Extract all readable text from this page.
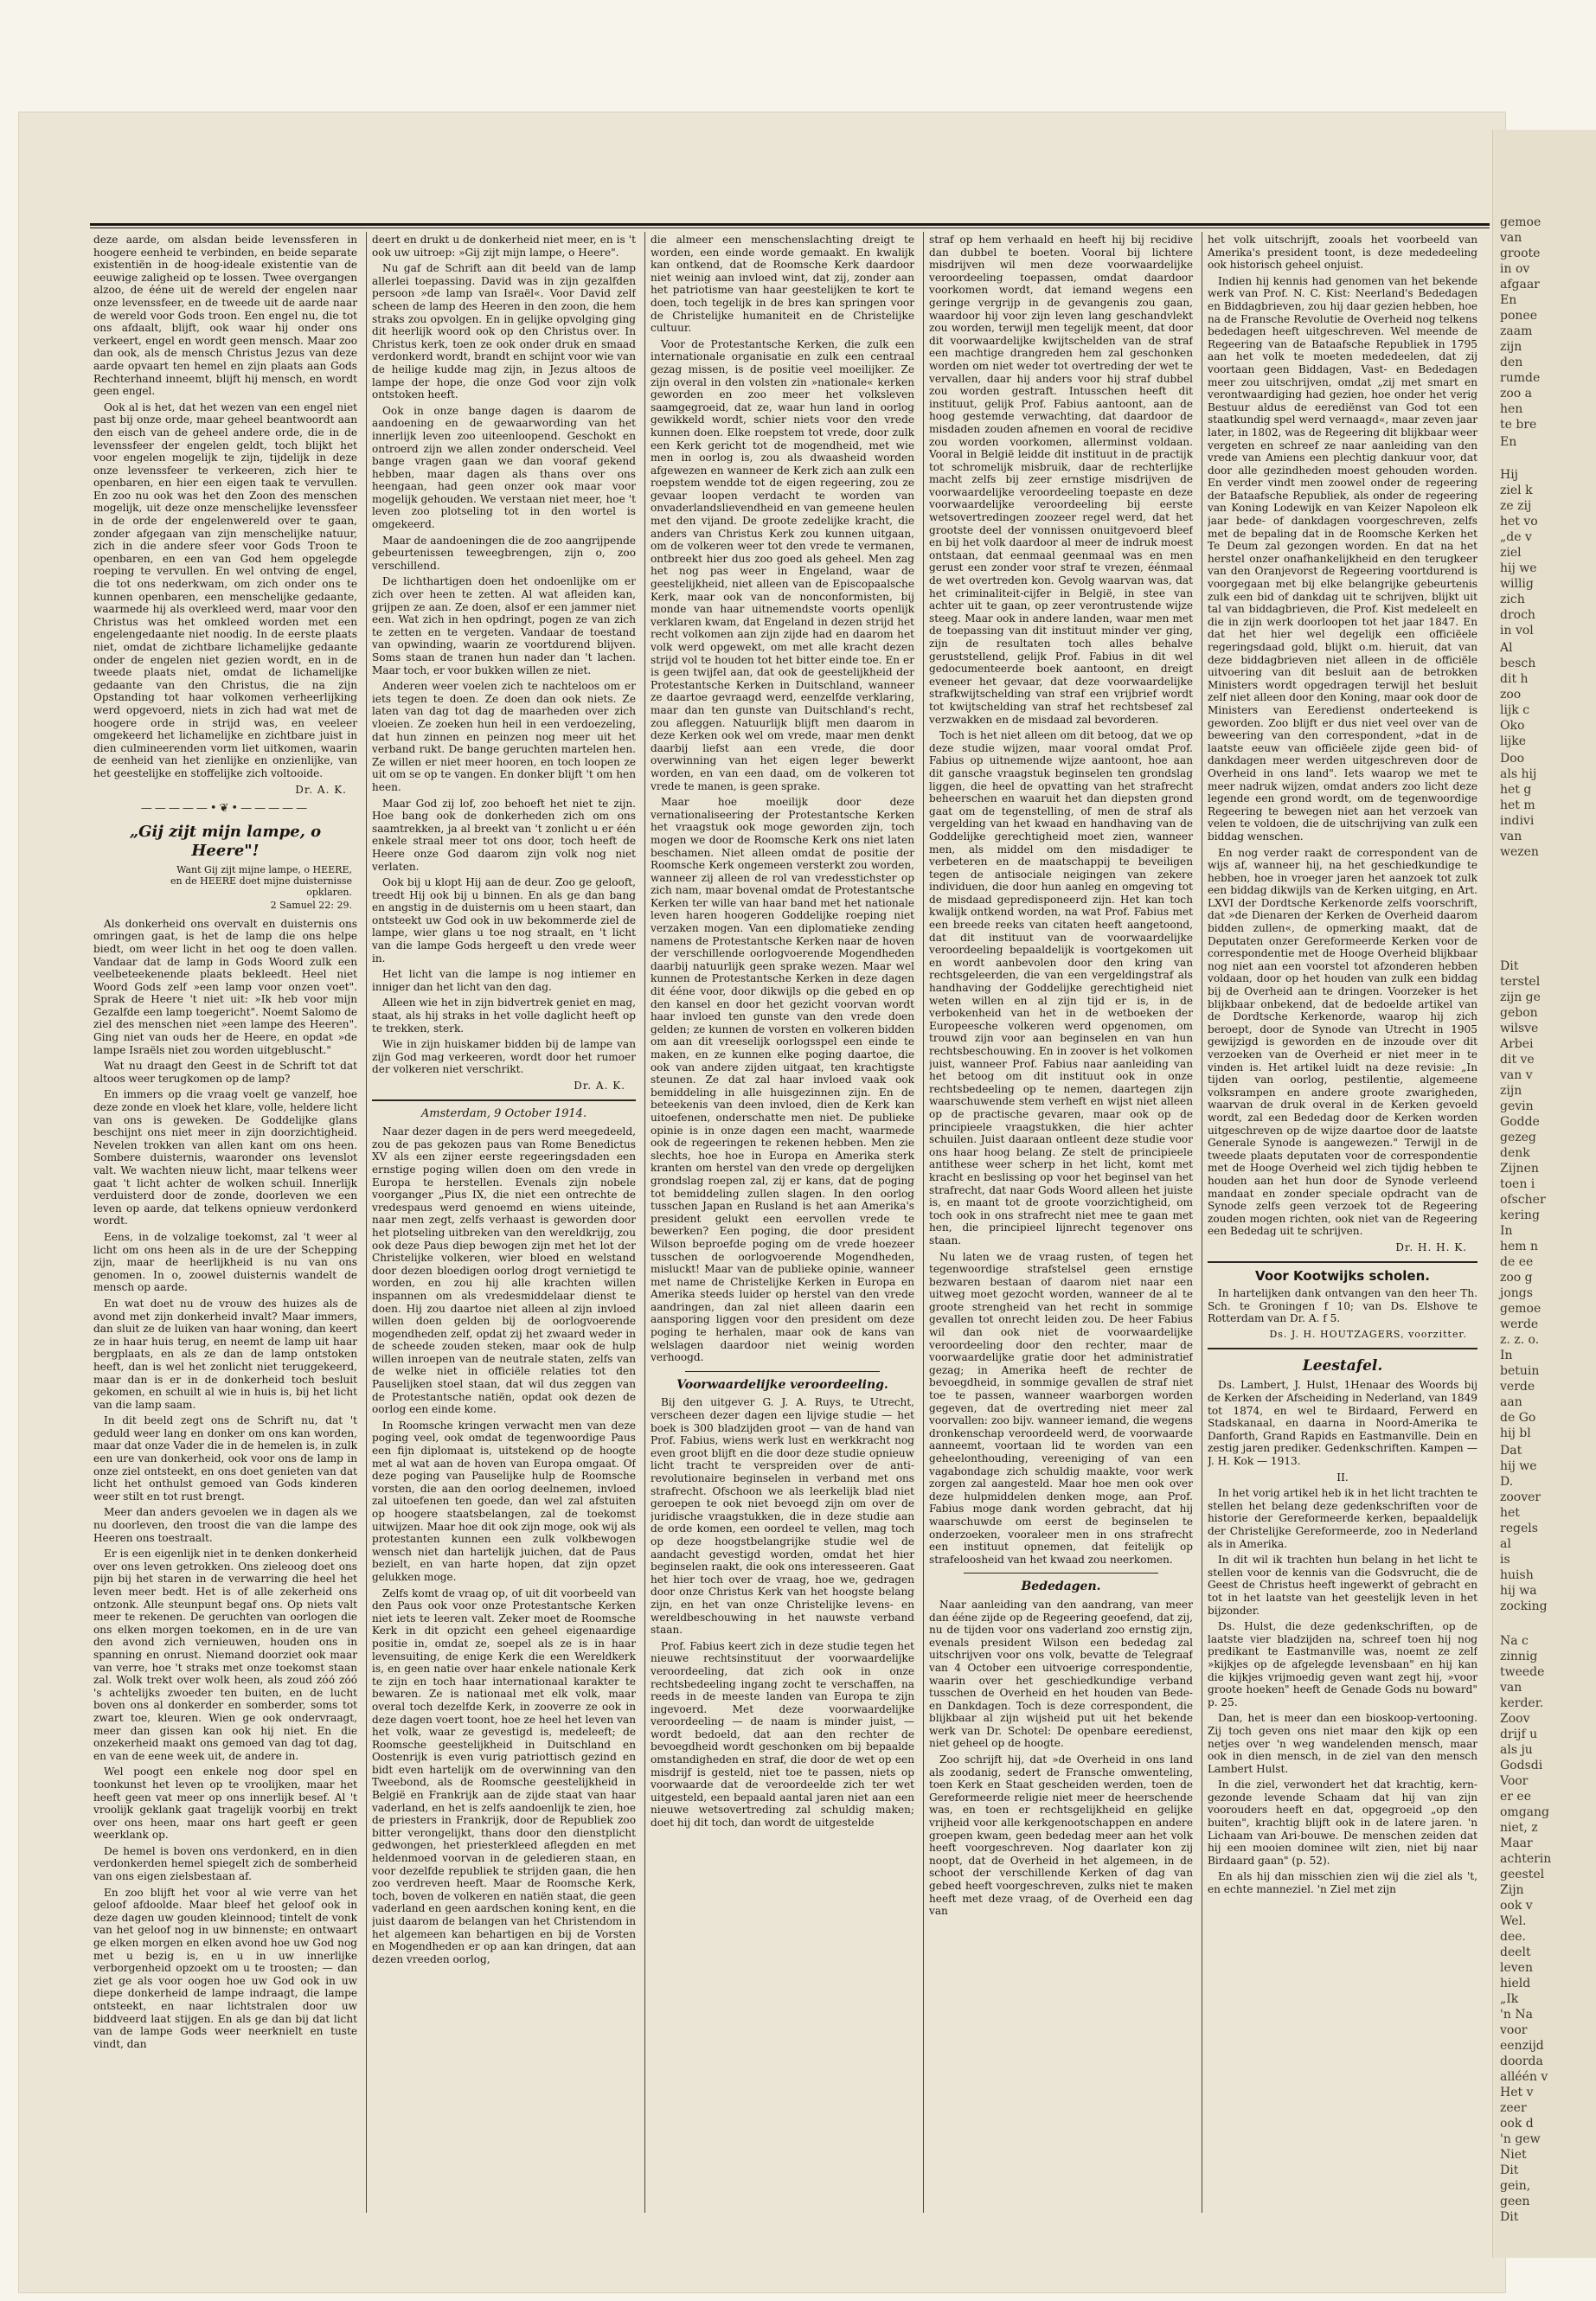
gemoe
van
groote
in ov
afgaar
En
ponee
zaam
zijn
den
rumde
zoo a
hen
te bre
En
Hij
ziel k
ze zij
het vo
„de v
ziel
hij we
willig
zich
droch
in vol
Al
besch
dit h
zoo
lijk c
Oko
lijke
Doo
als hij
het g
het m
indivi
van
wezen
Dit
terstel
zijn ge
gebon
wilsve
Arbei
dit ve
van v
zijn
gevin
Godde
gezeg
denk
Zijnen
toen i
ofscher
kering
In
hem n
de ee
zoo g
jongs
gemoe
werde
z. z. o.
In
betuin
verde
aan
de Go
hij bl
Dat
hij we
D.
zoover
het
regels
al
is
huish
hij wa
zocking
Na c
zinnig
tweede
van
kerder.
Zoov
drijf u
als ju
Godsdi
Voor
er ee
omgang
niet, z
Maar
achterin
geestel
Zijn
ook v
Wel.
dee.
deelt
leven
hield
„Ik
'n Na
voor
eenzijd
doorda
alléén v
Het v
zeer
ook d
'n gew
Niet
Dit
gein,
geen
Dit

deze aarde, om alsdan beide levenssferen in hoogere eenheid te verbinden, en beide separate existentiën in de hoog-ideale existentie van de eeuwige zaligheid op te lossen. Twee overgangen alzoo, de ééne uit de wereld der engelen naar onze levenssfeer, en de tweede uit de aarde naar de wereld voor Gods troon. Een engel nu, die tot ons afdaalt, blijft, ook waar hij onder ons verkeert, engel en wordt geen mensch. Maar zoo dan ook, als de mensch Christus Jezus van deze aarde opvaart ten hemel en zijn plaats aan Gods Rechterhand inneemt, blijft hij mensch, en wordt geen engel.

Ook al is het, dat het wezen van een engel niet past bij onze orde, maar geheel beantwoordt aan den eisch van de geheel andere orde, die in de levenssfeer der engelen geldt, toch blijkt het voor engelen mogelijk te zijn, tijdelijk in deze onze levenssfeer te verkeeren, zich hier te openbaren, en hier een eigen taak te vervullen. En zoo nu ook was het den Zoon des menschen mogelijk, uit deze onze menschelijke levenssfeer in de orde der engelenwereld over te gaan, zonder afgegaan van zijn menschelijke natuur, zich in die andere sfeer voor Gods Troon te openbaren, en een van God hem opgelegde roeping te vervullen. En wel ontving de engel, die tot ons nederkwam, om zich onder ons te kunnen openbaren, een menschelijke gedaante, waarmede hij als overkleed werd, maar voor den Christus was het omkleed worden met een engelengedaante niet noodig. In de eerste plaats niet, omdat de zichtbare lichamelijke gedaante onder de engelen niet gezien wordt, en in de tweede plaats niet, omdat de lichamelijke gedaante van den Christus, die na zijn Opstanding tot haar volkomen verheerlijking werd opgevoerd, niets in zich had wat met de hoogere orde in strijd was, en veeleer omgekeerd het lichamelijke en zichtbare juist in dien culmineerenden vorm liet uitkomen, waarin de eenheid van het zienlijke en onzienlijke, van het geestelijke en stoffelijke zich voltooide.

Dr. A. K.
—————•❦•—————
„Gij zijt mijn lampe, o Heere"!
Want Gij zijt mijne lampe, o HEERE, en de HEERE doet mijne duisternisse opklaren.
2 Samuel 22: 29.

Als donkerheid ons overvalt en duisternis ons omringen gaat, is het de lamp die ons helpe biedt, om weer licht in het oog te doen vallen. Vandaar dat de lamp in Gods Woord zulk een veelbeteekenende plaats bekleedt. Heel niet Woord Gods zelf »een lamp voor onzen voet". Sprak de Heere 't niet uit: »Ik heb voor mijn Gezalfde een lamp toegericht". Noemt Salomo de ziel des menschen niet »een lampe des Heeren". Ging niet van ouds her de Heere, en opdat »de lampe Israëls niet zou worden uitgebluscht."

Wat nu draagt den Geest in de Schrift tot dat altoos weer terugkomen op de lamp?

En immers op die vraag voelt ge vanzelf, hoe deze zonde en vloek het klare, volle, heldere licht van ons is geweken. De Goddelijke glans beschijnt ons niet meer in zijn doorzichtigheid. Nevelen trokken van allen kant om ons heen. Sombere duisternis, waaronder ons levenslot valt. We wachten nieuw licht, maar telkens weer gaat 't licht achter de wolken schuil. Innerlijk verduisterd door de zonde, doorleven we een leven op aarde, dat telkens opnieuw verdonkerd wordt.

Eens, in de volzalige toekomst, zal 't weer al licht om ons heen als in de ure der Schepping zijn, maar de heerlijkheid is nu van ons genomen. In o, zoowel duisternis wandelt de mensch op aarde.

En wat doet nu de vrouw des huizes als de avond met zijn donkerheid invalt? Maar immers, dan sluit ze de luiken van haar woning, dan keert ze in haar huis terug, en neemt de lamp uit haar bergplaats, en als ze dan de lamp ontstoken heeft, dan is wel het zonlicht niet teruggekeerd, maar dan is er in de donkerheid toch besluit gekomen, en schuilt al wie in huis is, bij het licht van die lamp saam.

In dit beeld zegt ons de Schrift nu, dat 't geduld weer lang en donker om ons kan worden, maar dat onze Vader die in de hemelen is, in zulk een ure van donkerheid, ook voor ons de lamp in onze ziel ontsteekt, en ons doet genieten van dat licht het onthulst gemoed van Gods kinderen weer stilt en tot rust brengt.

Meer dan anders gevoelen we in dagen als we nu doorleven, den troost die van die lampe des Heeren ons toestraalt.

Er is een eigenlijk niet in te denken donkerheid over ons leven getrokken. Ons zieleoog doet ons pijn bij het staren in de verwarring die heel het leven meer bedt. Het is of alle zekerheid ons ontzonk. Alle steunpunt begaf ons. Op niets valt meer te rekenen. De geruchten van oorlogen die ons elken morgen toekomen, en in de ure van den avond zich vernieuwen, houden ons in spanning en onrust. Niemand doorziet ook maar van verre, hoe 't straks met onze toekomst staan zal. Wolk trekt over wolk heen, als zoud zóó zóó 's achtelijks zwoeder ten buiten, en de lucht boven ons al donkerder en somberder, soms tot zwart toe, kleuren. Wien ge ook ondervraagt, meer dan gissen kan ook hij niet. En die onzekerheid maakt ons gemoed van dag tot dag, en van de eene week uit, de andere in.

Wel poogt een enkele nog door spel en toonkunst het leven op te vroolijken, maar het heeft geen vat meer op ons innerlijk besef. Al 't vroolijk geklank gaat tragelijk voorbij en trekt over ons heen, maar ons hart geeft er geen weerklank op.

De hemel is boven ons verdonkerd, en in dien verdonkerden hemel spiegelt zich de somberheid van ons eigen zielsbestaan af.

En zoo blijft het voor al wie verre van het geloof afdoolde. Maar bleef het geloof ook in deze dagen uw gouden kleinnood; tintelt de vonk van het geloof nog in uw binnenste; en ontwaart ge elken morgen en elken avond hoe uw God nog met u bezig is, en u in uw innerlijke verborgenheid opzoekt om u te troosten; — dan ziet ge als voor oogen hoe uw God ook in uw diepe donkerheid de lampe indraagt, die lampe ontsteekt, en naar lichtstralen door uw biddveerd laat stijgen. En als ge dan bij dat licht van de lampe Gods weer neerknielt en tuste vindt, dan

deert en drukt u de donkerheid niet meer, en is 't ook uw uitroep: »Gij zijt mijn lampe, o Heere".

Nu gaf de Schrift aan dit beeld van de lamp allerlei toepassing. David was in zijn gezalfden persoon »de lamp van Israël«. Voor David zelf scheen de lamp des Heeren in den zoon, die hem straks zou opvolgen. En in gelijke opvolging ging dit heerlijk woord ook op den Christus over. In Christus kerk, toen ze ook onder druk en smaad verdonkerd wordt, brandt en schijnt voor wie van de heilige kudde mag zijn, in Jezus altoos de lampe der hope, die onze God voor zijn volk ontstoken heeft.

Ook in onze bange dagen is daarom de aandoening en de gewaarwording van het innerlijk leven zoo uiteenloopend. Geschokt en ontroerd zijn we allen zonder onderscheid. Veel bange vragen gaan we dan vooraf gekend hebben, maar dagen als thans over ons heengaan, had geen onzer ook maar voor mogelijk gehouden. We verstaan niet meer, hoe 't leven zoo plotseling tot in den wortel is omgekeerd.

Maar de aandoeningen die de zoo aangrijpende gebeurtenissen teweegbrengen, zijn o, zoo verschillend.

De lichthartigen doen het ondoenlijke om er zich over heen te zetten. Al wat afleiden kan, grijpen ze aan. Ze doen, alsof er een jammer niet een. Wat zich in hen opdringt, pogen ze van zich te zetten en te vergeten. Vandaar de toestand van opwinding, waarin ze voortdurend blijven. Soms staan de tranen hun nader dan 't lachen. Maar toch, er voor bukken willen ze niet.

Anderen weer voelen zich te nachteloos om er iets tegen te doen. Ze doen dan ook niets. Ze laten van dag tot dag de maarheden over zich vloeien. Ze zoeken hun heil in een verdoezeling, dat hun zinnen en peinzen nog meer uit het verband rukt. De bange geruchten martelen hen. Ze willen er niet meer hooren, en toch loopen ze uit om se op te vangen. En donker blijft 't om hen heen.

Maar God zij lof, zoo behoeft het niet te zijn. Hoe bang ook de donkerheden zich om ons saamtrekken, ja al breekt van 't zonlicht u er één enkele straal meer tot ons door, toch heeft de Heere onze God daarom zijn volk nog niet verlaten.

Ook bij u klopt Hij aan de deur. Zoo ge gelooft, treedt Hij ook bij u binnen. En als ge dan bang en angstig in de duisternis om u heen staart, dan ontsteekt uw God ook in uw bekommerde ziel de lampe, wier glans u toe nog straalt, en 't licht van die lampe Gods hergeeft u den vrede weer in.

Het licht van die lampe is nog intiemer en inniger dan het licht van den dag.

Alleen wie het in zijn bidvertrek geniet en mag, staat, als hij straks in het volle daglicht heeft op te trekken, sterk.

Wie in zijn huiskamer bidden bij de lampe van zijn God mag verkeeren, wordt door het rumoer der volkeren niet verschrikt.

Dr. A. K.
Amsterdam, 9 October 1914.

Naar dezer dagen in de pers werd meegedeeld, zou de pas gekozen paus van Rome Benedictus XV als een zijner eerste regeeringsdaden een ernstige poging willen doen om den vrede in Europa te herstellen. Evenals zijn nobele voorganger „Pius IX, die niet een ontrechte de vredespaus werd genoemd en wiens uiteinde, naar men zegt, zelfs verhaast is geworden door het plotseling uitbreken van den wereldkrijg, zou ook deze Paus diep bewogen zijn met het lot der Christelijke volkeren, wier bloed en welstand door dezen bloedigen oorlog drogt vernietigd te worden, en zou hij alle krachten willen inspannen om als vredesmiddelaar dienst te doen. Hij zou daartoe niet alleen al zijn invloed willen doen gelden bij de oorlogvoerende mogendheden zelf, opdat zij het zwaard weder in de scheede zouden steken, maar ook de hulp willen inroepen van de neutrale staten, zelfs van de welke niet in officiële relaties tot den Pauselijken stoel staan, dat wil dus zeggen van de Protestantsche natiën, opdat ook dezen de oorlog een einde kome.

In Roomsche kringen verwacht men van deze poging veel, ook omdat de tegenwoordige Paus een fijn diplomaat is, uitstekend op de hoogte met al wat aan de hoven van Europa omgaat. Of deze poging van Pauselijke hulp de Roomsche vorsten, die aan den oorlog deelnemen, invloed zal uitoefenen ten goede, dan wel zal afstuiten op hoogere staatsbelangen, zal de toekomst uitwijzen. Maar hoe dit ook zijn moge, ook wij als protestanten kunnen een zulk volkbewogen wensch niet dan hartelijk juichen, dat de Paus bezielt, en van harte hopen, dat zijn opzet gelukken moge.

Zelfs komt de vraag op, of uit dit voorbeeld van den Paus ook voor onze Protestantsche Kerken niet iets te leeren valt. Zeker moet de Roomsche Kerk in dit opzicht een geheel eigenaardige positie in, omdat ze, soepel als ze is in haar levensuiting, de enige Kerk die een Wereldkerk is, en geen natie over haar enkele nationale Kerk te zijn en toch haar internationaal karakter te bewaren. Ze is nationaal met elk volk, maar overal toch dezelfde Kerk, in zooverre ze ook in deze dagen voert toont, hoe ze heel het leven van het volk, waar ze gevestigd is, medeleeft; de Roomsche geestelijkheid in Duitschland en Oostenrijk is even vurig patriottisch gezind en bidt even hartelijk om de overwinning van den Tweebond, als de Roomsche geestelijkheid in België en Frankrijk aan de zijde staat van haar vaderland, en het is zelfs aandoenlijk te zien, hoe de priesters in Frankrijk, door de Republiek zoo bitter verongelijkt, thans door den dienstplicht gedwongen, het priesterkleed aflegden en met heldenmoed voorvan in de geledieren staan, en voor dezelfde republiek te strijden gaan, die hen zoo verdreven heeft. Maar de Roomsche Kerk, toch, boven de volkeren en natiën staat, die geen vaderland en geen aardschen koning kent, en die juist daarom de belangen van het Christendom in het algemeen kan behartigen en bij de Vorsten en Mogendheden er op aan kan dringen, dat aan dezen vreeden oorlog,

die almeer een menschenslachting dreigt te worden, een einde worde gemaakt. En kwalijk kan ontkend, dat de Roomsche Kerk daardoor niet weinig aan invloed wint, dat zij, zonder aan het patriotisme van haar geestelijken te kort te doen, toch tegelijk in de bres kan springen voor de Christelijke humaniteit en de Christelijke cultuur.

Voor de Protestantsche Kerken, die zulk een internationale organisatie en zulk een centraal gezag missen, is de positie veel moeilijker. Ze zijn overal in den volsten zin »nationale« kerken geworden en zoo meer het volksleven saamgegroeid, dat ze, waar hun land in oorlog gewikkeld wordt, schier niets voor den vrede kunnen doen. Elke roepstem tot vrede, door zulk een Kerk gericht tot de mogendheid, met wie men in oorlog is, zou als dwaasheid worden afgewezen en wanneer de Kerk zich aan zulk een roepstem wendde tot de eigen regeering, zou ze gevaar loopen verdacht te worden van onvaderlandslievendheid en van gemeene heulen met den vijand. De groote zedelijke kracht, die anders van Christus Kerk zou kunnen uitgaan, om de volkeren weer tot den vrede te vermanen, ontbreekt hier dus zoo goed als geheel. Men zag het nog pas weer in Engeland, waar de geestelijkheid, niet alleen van de Episcopaalsche Kerk, maar ook van de nonconformisten, bij monde van haar uitnemendste voorts openlijk verklaren kwam, dat Engeland in dezen strijd het recht volkomen aan zijn zijde had en daarom het volk werd opgewekt, om met alle kracht dezen strijd vol te houden tot het bitter einde toe. En er is geen twijfel aan, dat ook de geestelijkheid der Protestantsche Kerken in Duitschland, wanneer ze daartoe gevraagd werd, eenzelfde verklaring, maar dan ten gunste van Duitschland's recht, zou afleggen. Natuurlijk blijft men daarom in deze Kerken ook wel om vrede, maar men denkt daarbij liefst aan een vrede, die door overwinning van het eigen leger bewerkt worden, en van een daad, om de volkeren tot vrede te manen, is geen sprake.

Maar hoe moeilijk door deze vernationaliseering der Protestantsche Kerken het vraagstuk ook moge geworden zijn, toch mogen we door de Roomsche Kerk ons niet laten beschamen. Niet alleen omdat de positie der Roomsche Kerk ongemeen versterkt zou worden, wanneer zij alleen de rol van vredesstichster op zich nam, maar bovenal omdat de Protestantsche Kerken ter wille van haar band met het nationale leven haren hoogeren Goddelijke roeping niet verzaken mogen. Van een diplomatieke zending namens de Protestantsche Kerken naar de hoven der verschillende oorlogvoerende Mogendheden daarbij natuurlijk geen sprake wezen. Maar wel kunnen de Protestantsche Kerken in deze dagen dit ééne voor, door dikwijls op die gebed en op den kansel en door het gezicht voorvan wordt haar invloed ten gunste van den vrede doen gelden; ze kunnen de vorsten en volkeren bidden om aan dit vreeselijk oorlogsspel een einde te maken, en ze kunnen elke poging daartoe, die ook van andere zijden uitgaat, ten krachtigste steunen. Ze dat zal haar invloed vaak ook bemiddeling in alle huisgezinnen zijn. En de beteekenis van deen invloed, dien de Kerk kan uitoefenen, onderschatte men niet. De publieke opinie is in onze dagen een macht, waarmede ook de regeeringen te rekenen hebben. Men zie slechts, hoe hoe in Europa en Amerika sterk kranten om herstel van den vrede op dergelijken grondslag roepen zal, zij er kans, dat de poging tot bemiddeling zullen slagen. In den oorlog tusschen Japan en Rusland is het aan Amerika's president gelukt een eervollen vrede te bewerken? Een poging, die door president Wilson beproefde poging om de vrede hoezeer tusschen de oorlogvoerende Mogendheden, misluckt! Maar van de publieke opinie, wanneer met name de Christelijke Kerken in Europa en Amerika steeds luider op herstel van den vrede aandringen, dan zal niet alleen daarin een aansporing liggen voor den president om deze poging te herhalen, maar ook de kans van welslagen daardoor niet weinig worden verhoogd.

Voorwaardelijke veroordeeling.

Bij den uitgever G. J. A. Ruys, te Utrecht, verscheen dezer dagen een lijvige studie — het boek is 300 bladzijden groot — van de hand van Prof. Fabius, wiens werk lust en werkkracht nog even groot blijft en die door deze studie opnieuw licht tracht te verspreiden over de anti-revolutionaire beginselen in verband met ons strafrecht. Ofschoon we als leerkelijk blad niet geroepen te ook niet bevoegd zijn om over de juridische vraagstukken, die in deze studie aan de orde komen, een oordeel te vellen, mag toch op deze hoogstbelangrijke studie wel de aandacht gevestigd worden, omdat het hier beginselen raakt, die ook ons interesseeren. Gaat het hier toch over de vraag, hoe we, gedragen door onze Christus Kerk van het hoogste belang zijn, en het van onze Christelijke levens- en wereldbeschouwing in het nauwste verband staan.

Prof. Fabius keert zich in deze studie tegen het nieuwe rechtsinstituut der voorwaardelijke veroordeeling, dat zich ook in onze rechtsbedeeling ingang zocht te verschaffen, na reeds in de meeste landen van Europa te zijn ingevoerd. Met deze voorwaardelijke veroordeeling — de naam is minder juist, — wordt bedoeld, dat aan den rechter de bevoegdheid wordt geschonken om bij bepaalde omstandigheden en straf, die door de wet op een misdrijf is gesteld, niet toe te passen, niets op voorwaarde dat de veroordeelde zich ter wet uitgesteld, een bepaald aantal jaren niet aan een nieuwe wetsovertreding zal schuldig maken; doet hij dit toch, dan wordt de uitgestelde

straf op hem verhaald en heeft hij bij recidive dan dubbel te boeten. Vooral bij lichtere misdrijven wil men deze voorwaardelijke veroordeeling toepassen, omdat daardoor voorkomen wordt, dat iemand wegens een geringe vergrijp in de gevangenis zou gaan, waardoor hij voor zijn leven lang geschandvlekt zou worden, terwijl men tegelijk meent, dat door dit voorwaardelijke kwijtschelden van de straf een machtige drangreden hem zal geschonken worden om niet weder tot overtreding der wet te vervallen, daar hij anders voor hij straf dubbel zou worden gestraft. Intusschen heeft dit instituut, gelijk Prof. Fabius aantoont, aan de hoog gestemde verwachting, dat daardoor de misdaden zouden afnemen en vooral de recidive zou worden voorkomen, allerminst voldaan. Vooral in België leidde dit instituut in de practijk tot schromelijk misbruik, daar de rechterlijke macht zelfs bij zeer ernstige misdrijven de voorwaardelijke veroordeeling toepaste en deze voorwaardelijke veroordeeling bij eerste wetsovertredingen zoozeer regel werd, dat het grootste deel der vonnissen onuitgevoerd bleef en bij het volk daardoor al meer de indruk moest ontstaan, dat eenmaal geenmaal was en men gerust een zonder voor straf te vrezen, éénmaal de wet overtreden kon. Gevolg waarvan was, dat het criminaliteit-cijfer in België, in stee van achter uit te gaan, op zeer verontrustende wijze steeg. Maar ook in andere landen, waar men met de toepassing van dit instituut minder ver ging, zijn de resultaten toch alles behalve geruststellend, gelijk Prof. Fabius in dit wel gedocumenteerde boek aantoont, en dreigt eveneer het gevaar, dat deze voorwaardelijke strafkwijtschelding van straf een vrijbrief wordt tot kwijtschelding van straf het rechtsbesef zal verzwakken en de misdaad zal bevorderen.

Toch is het niet alleen om dit betoog, dat we op deze studie wijzen, maar vooral omdat Prof. Fabius op uitnemende wijze aantoont, hoe aan dit gansche vraagstuk beginselen ten grondslag liggen, die heel de opvatting van het strafrecht beheerschen en waaruit het dan diepsten grond gaat om de tegenstelling, of men de straf als vergelding van het kwaad en handhaving van de Goddelijke gerechtigheid moet zien, wanneer men, als middel om den misdadiger te verbeteren en de maatschappij te beveiligen tegen de antisociale neigingen van zekere individuen, die door hun aanleg en omgeving tot de misdaad gepredisponeerd zijn. Het kan toch kwalijk ontkend worden, na wat Prof. Fabius met een breede reeks van citaten heeft aangetoond, dat dit instituut van de voorwaardelijke veroordeeling bepaaldelijk is voortgekomen uit en wordt aanbevolen door den kring van rechtsgeleerden, die van een vergeldingstraf als handhaving der Goddelijke gerechtigheid niet weten willen en al zijn tijd er is, in de verbokenheid van het in de wetboeken der Europeesche volkeren werd opgenomen, om trouwd zijn voor aan beginselen en van hun rechtsbeschouwing. En in zoover is het volkomen juist, wanneer Prof. Fabius naar aanleiding van het betoog om dit instituut ook in onze rechtsbedeeling op te nemen, daartegen zijn waarschuwende stem verheft en wijst niet alleen op de practische gevaren, maar ook op de principieele vraagstukken, die hier achter schuilen. Juist daaraan ontleent deze studie voor ons haar hoog belang. Ze stelt de principieele antithese weer scherp in het licht, komt met kracht en beslissing op voor het beginsel van het strafrecht, dat naar Gods Woord alleen het juiste is, en maant tot de groote voorzichtigheid, om toch ook in ons strafrecht niet mee te gaan met hen, die principieel lijnrecht tegenover ons staan.

Nu laten we de vraag rusten, of tegen het tegenwoordige strafstelsel geen ernstige bezwaren bestaan of daarom niet naar een uitweg moet gezocht worden, wanneer de al te groote strengheid van het recht in sommige gevallen tot onrecht leiden zou. De heer Fabius wil dan ook niet de voorwaardelijke veroordeeling door den rechter, maar de voorwaardelijke gratie door het administratief gezag; in Amerika heeft de rechter de bevoegdheid, in sommige gevallen de straf niet toe te passen, wanneer waarborgen worden gegeven, dat de overtreding niet meer zal voorvallen: zoo bijv. wanneer iemand, die wegens dronkenschap veroordeeld werd, de voorwaarde aanneemt, voortaan lid te worden van een geheelonthouding, vereeniging of van een vagabondage zich schuldig maakte, voor werk zorgen zal aangesteld. Maar hoe men ook over deze hulpmiddelen denken moge, aan Prof. Fabius moge dank worden gebracht, dat hij waarschuwde om eerst de beginselen te onderzoeken, vooraleer men in ons strafrecht een instituut opnemen, dat feitelijk op strafeloosheid van het kwaad zou neerkomen.

Bededagen.

Naar aanleiding van den aandrang, van meer dan ééne zijde op de Regeering geoefend, dat zij, nu de tijden voor ons vaderland zoo ernstig zijn, evenals president Wilson een bededag zal uitschrijven voor ons volk, bevatte de Telegraaf van 4 October een uitvoerige correspondentie, waarin over het geschiedkundige verband tusschen de Overheid en het houden van Bede- en Dankdagen. Toch is deze correspondent, die blijkbaar al zijn wijsheid put uit het bekende werk van Dr. Schotel: De openbare eeredienst, niet geheel op de hoogte.

Zoo schrijft hij, dat »de Overheid in ons land als zoodanig, sedert de Fransche omwenteling, toen Kerk en Staat gescheiden werden, toen de Gereformeerde religie niet meer de heerschende was, en toen er rechtsgelijkheid en gelijke vrijheid voor alle kerkgenootschappen en andere groepen kwam, geen bededag meer aan het volk heeft voorgeschreven. Nog daarlater kon zij noopt, dat de Overheid in het algemeen, in de schoot der verschillende Kerken of dag van gebed heeft voorgeschreven, zulks niet te maken heeft met deze vraag, of de Overheid een dag van

het volk uitschrijft, zooals het voorbeeld van Amerika's president toont, is deze mededeeling ook historisch geheel onjuist.

Indien hij kennis had genomen van het bekende werk van Prof. N. C. Kist: Neerland's Bededagen en Biddagbrieven, zou hij daar gezien hebben, hoe na de Fransche Revolutie de Overheid nog telkens bededagen heeft uitgeschreven. Wel meende de Regeering van de Bataafsche Republiek in 1795 aan het volk te moeten mededeelen, dat zij voortaan geen Biddagen, Vast- en Bededagen meer zou uitschrijven, omdat „zij met smart en verontwaardiging had gezien, hoe onder het verig Bestuur aldus de eerediënst van God tot een staatkundig spel werd vernaagd«, maar zeven jaar later, in 1802, was de Regeering dit blijkbaar weer vergeten en schreef ze naar aanleiding van den vrede van Amiens een plechtig dankuur voor, dat door alle gezindheden moest gehouden worden. En verder vindt men zoowel onder de regeering der Bataafsche Republiek, als onder de regeering van Koning Lodewijk en van Keizer Napoleon elk jaar bede- of dankdagen voorgeschreven, zelfs met de bepaling dat in de Roomsche Kerken het Te Deum zal gezongen worden. En dat na het herstel onzer onafhankelijkheid en den terugkeer van den Oranjevorst de Regeering voortdurend is voorgegaan met bij elke belangrijke gebeurtenis zulk een bid of dankdag uit te schrijven, blijkt uit tal van biddagbrieven, die Prof. Kist medeleelt en die in zijn werk doorloopen tot het jaar 1847. En dat het hier wel degelijk een officiëele regeringsdaad gold, blijkt o.m. hieruit, dat van deze biddagbrieven niet alleen in de officiële uitvoering van dit besluit aan de betrokken Ministers wordt opgedragen terwijl het besluit zelf niet alleen door den Koning, maar ook door de Ministers van Eeredienst onderteekend is geworden. Zoo blijft er dus niet veel over van de beweering van den correspondent, »dat in de laatste eeuw van officiëele zijde geen bid- of dankdagen meer werden uitgeschreven door de Overheid in ons land". Iets waarop we met te meer nadruk wijzen, omdat anders zoo licht deze legende een grond wordt, om de tegenwoordige Regeering te bewegen niet aan het verzoek van velen te voldoen, die de uitschrijving van zulk een biddag wenschen.

En nog verder raakt de correspondent van de wijs af, wanneer hij, na het geschiedkundige te hebben, hoe in vroeger jaren het aanzoek tot zulk een biddag dikwijls van de Kerken uitging, en Art. LXVI der Dordtsche Kerkenorde zelfs voorschrift, dat »de Dienaren der Kerken de Overheid daarom bidden zullen«, de opmerking maakt, dat de Deputaten onzer Gereformeerde Kerken voor de correspondentie met de Hooge Overheid blijkbaar nog niet aan een voorstel tot afzonderen hebben voldaan, door op het houden van zulk een biddag bij de Overheid aan te dringen. Voorzeker is het blijkbaar onbekend, dat de bedoelde artikel van de Dordtsche Kerkenorde, waarop hij zich beroept, door de Synode van Utrecht in 1905 gewijzigd is geworden en de inzoude over dit verzoeken van de Overheid er niet meer in te vinden is. Het artikel luidt na deze revisie: „In tijden van oorlog, pestilentie, algemeene volksrampen en andere groote zwarigheden, waarvan de druk overal in de Kerken gevoeld wordt, zal een Bededag door de Kerken worden uitgeschreven op de wijze daartoe door de laatste Generale Synode is aangewezen." Terwijl in de tweede plaats deputaten voor de correspondentie met de Hooge Overheid wel zich tijdig hebben te houden aan het hun door de Synode verleend mandaat en zonder speciale opdracht van de Synode zelfs geen verzoek tot de Regeering zouden mogen richten, ook niet van de Regeering een Bededag uit te schrijven.

Dr. H. H. K.
Voor Kootwijks scholen.

In hartelijken dank ontvangen van den heer Th. Sch. te Groningen f 10; van Ds. Elshove te Rotterdam van Dr. A. f 5.

Ds. J. H. HOUTZAGERS, voorzitter.
Leestafel.

Ds. Lambert, J. Hulst, 1Henaar des Woords bij de Kerken der Afscheiding in Nederland, van 1849 tot 1874, en wel te Birdaard, Ferwerd en Stadskanaal, en daarna in Noord-Amerika te Danforth, Grand Rapids en Eastmanville. Dein en zestig jaren prediker. Gedenkschriften. Kampen — J. H. Kok — 1913.

II.

In het vorig artikel heb ik in het licht trachten te stellen het belang deze gedenkschriften voor de historie der Gereformeerde kerken, bepaaldelijk der Christelijke Gereformeerde, zoo in Nederland als in Amerika.

In dit wil ik trachten hun belang in het licht te stellen voor de kennis van die Godsvrucht, die de Geest de Christus heeft ingewerkt of gebracht en tot in het laatste van het geestelijk leven in het bijzonder.

Ds. Hulst, die deze gedenkschriften, op de laatste vier bladzijden na, schreef toen hij nog predikant te Eastmanville was, noemt ze zelf »kijkjes op de afgelegde levensbaan" en hij kan die kijkjes vrijmoedig geven want zegt hij, »voor groote hoeken" heeft de Genade Gods nu boward" p. 25.

Dan, het is meer dan een bioskoop-vertooning. Zij toch geven ons niet maar den kijk op een netjes over 'n weg wandelenden mensch, maar ook in dien mensch, in de ziel van den mensch Lambert Hulst.

In die ziel, verwondert het dat krachtig, kern-gezonde levende Schaam dat hij van zijn voorouders heeft en dat, opgegroeid „op den buiten", krachtig blijft ook in de latere jaren. 'n Lichaam van Ari-bouwe. De menschen zeiden dat hij een mooien dominee wilt zien, niet bij naar Birdaard gaan" (p. 52).

En als hij dan misschien zien wij die ziel als 't, en echte manneziel. 'n Ziel met zijn
